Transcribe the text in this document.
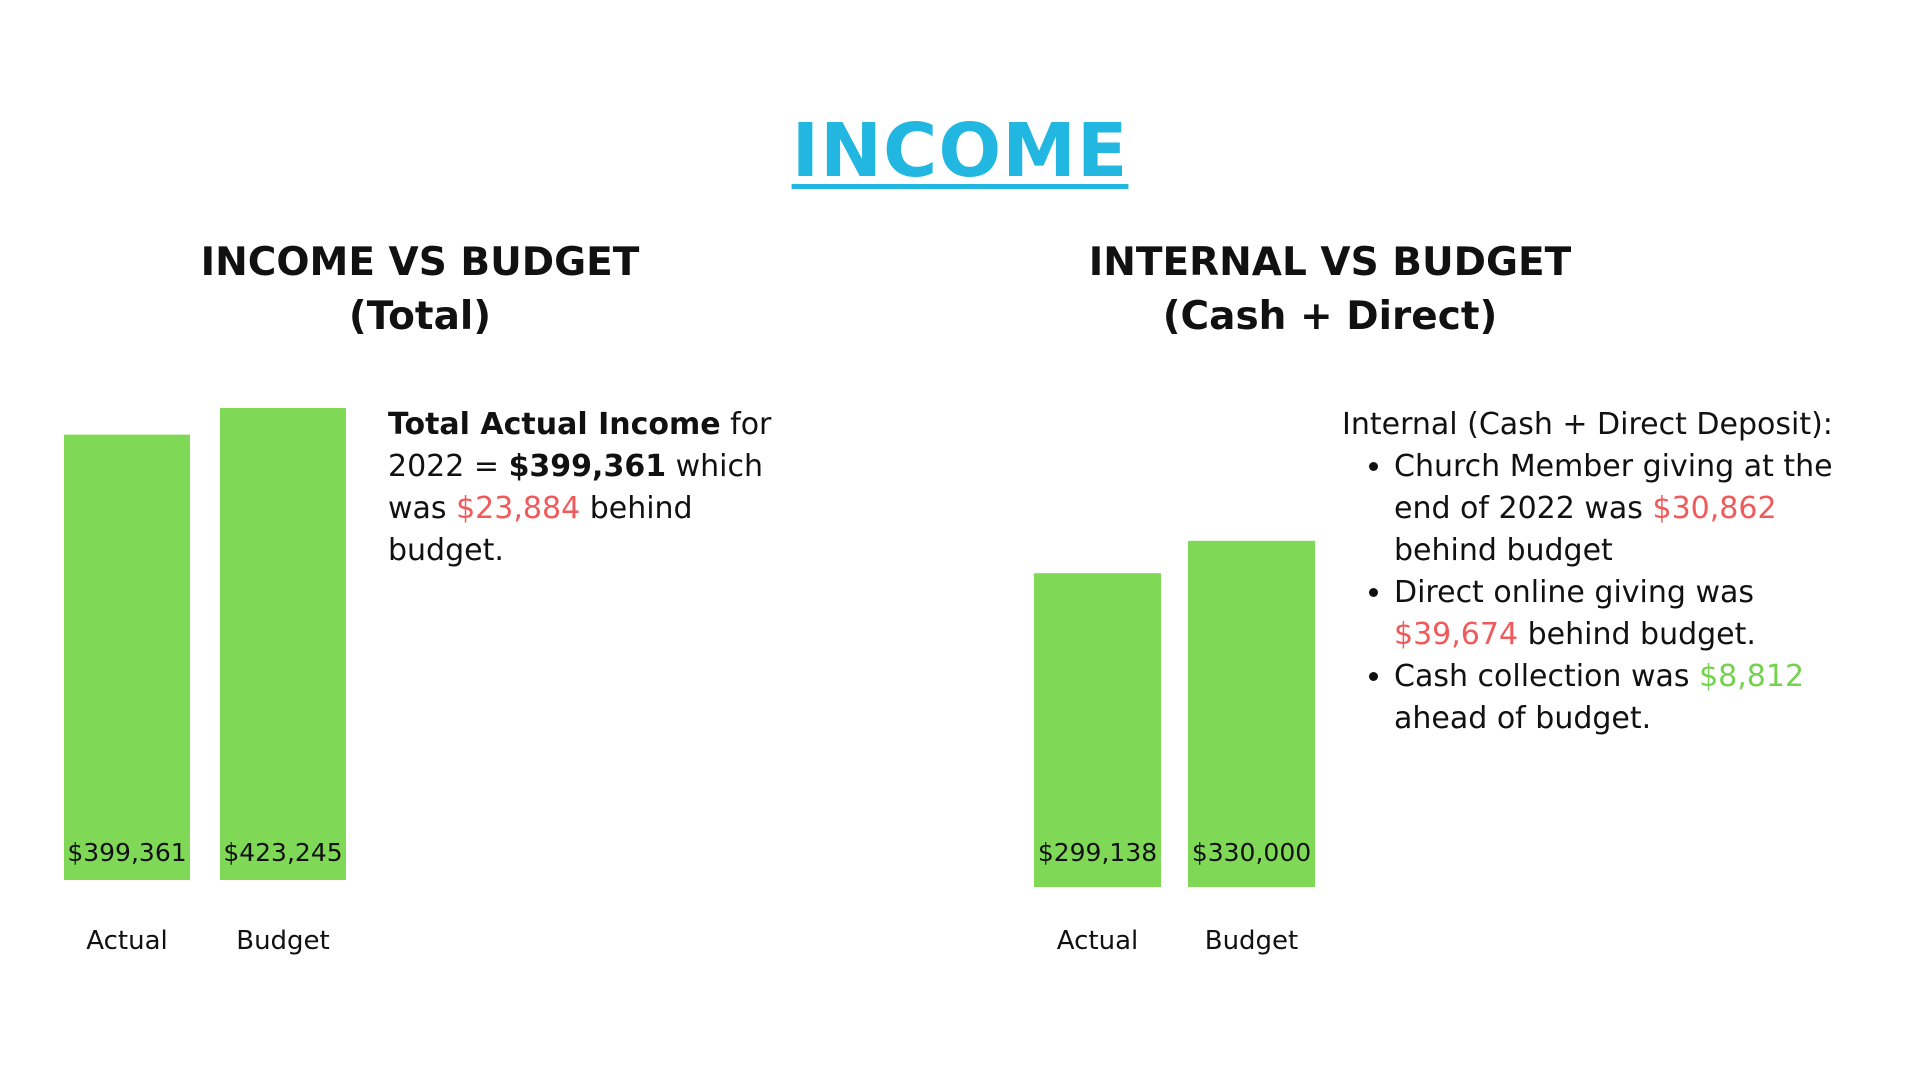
INCOME
INCOME VS BUDGET
(Total)
INTERNAL VS BUDGET
(Cash + Direct)
$399,361
Actual
$423,245
Budget
$299,138
Actual
$330,000
Budget
Total Actual Income for 2022 = $399,361 which was $23,884 behind budget.

Internal (Cash + Direct Deposit):

• Church Member giving at the end of 2022 was $30,862 behind budget
• Direct online giving was $39,674 behind budget.
• Cash collection was $8,812 ahead of budget.
